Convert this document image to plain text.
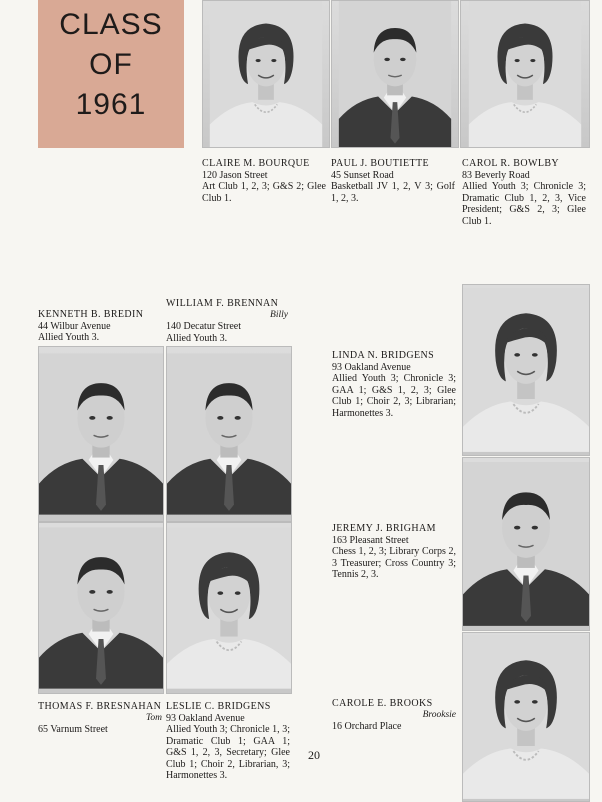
CLASS
OF
1961
CLAIRE M. BOURQUE
120 Jason Street
Art Club 1, 2, 3; G&S 2; Glee Club 1.
PAUL J. BOUTIETTE
45 Sunset Road
Basketball JV 1, 2, V 3; Golf 1, 2, 3.
CAROL R. BOWLBY
83 Beverly Road
Allied Youth 3; Chronicle 3; Dramatic Club 1, 2, 3, Vice President; G&S 2, 3; Glee Club 1.
KENNETH B. BREDIN
44 Wilbur Avenue
Allied Youth 3.
WILLIAM F. BRENNAN
Billy
140 Decatur Street
Allied Youth 3.
LINDA N. BRIDGENS
93 Oakland Avenue
Allied Youth 3; Chronicle 3; GAA 1; G&S 1, 2, 3; Glee Club 1; Choir 2, 3; Librarian; Harmonettes 3.
JEREMY J. BRIGHAM
163 Pleasant Street
Chess 1, 2, 3; Library Corps 2, 3 Treasurer; Cross Country 3; Tennis 2, 3.
THOMAS F. BRESNAHAN
Tom
65 Varnum Street
LESLIE C. BRIDGENS
93 Oakland Avenue
Allied Youth 3; Chronicle 1, 3; Dramatic Club 1; GAA 1; G&S 1, 2, 3, Secretary; Glee Club 1; Choir 2, Librarian, 3; Harmonettes 3.
CAROLE E. BROOKS
Brooksie
16 Orchard Place
20
